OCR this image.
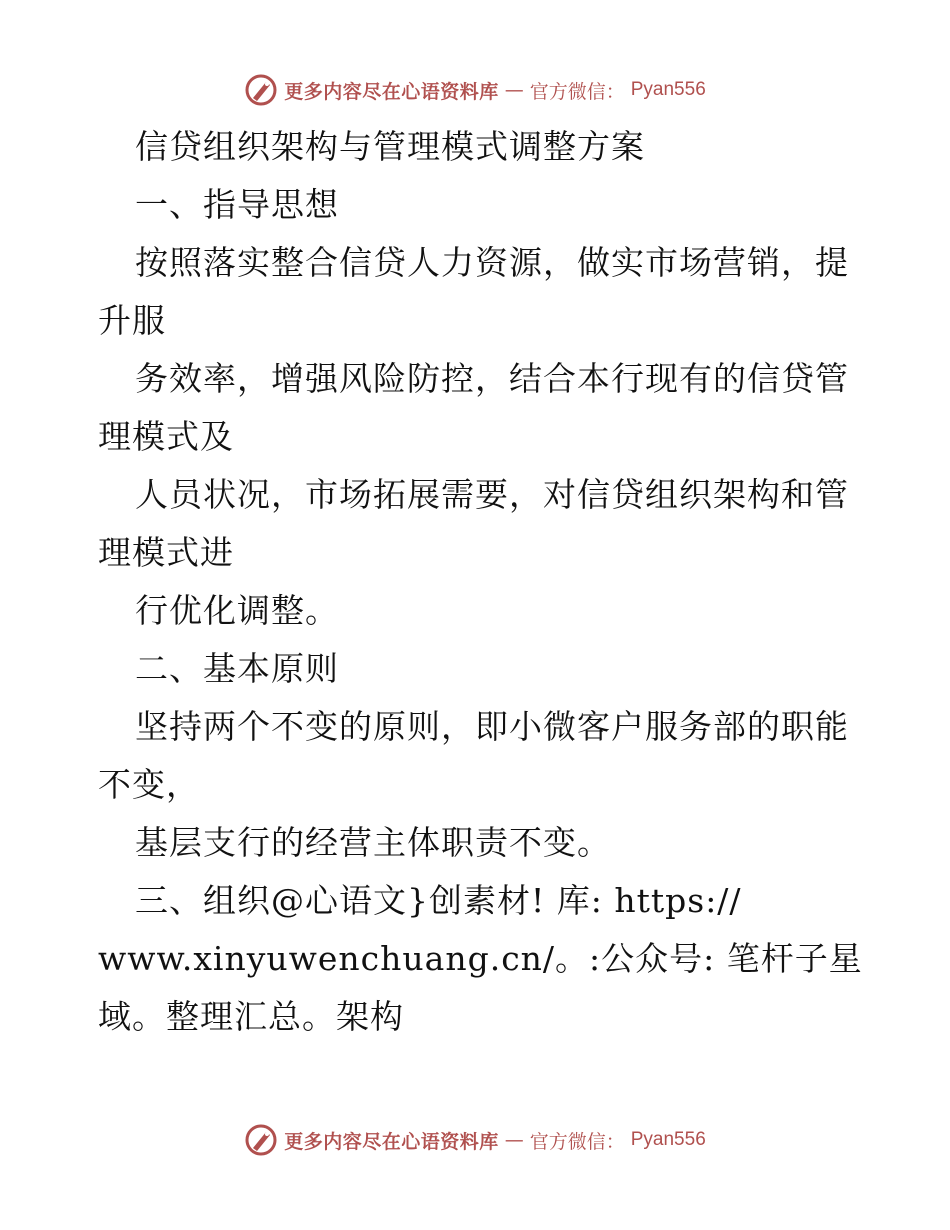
更多内容尽在心语资料库 — 官方微信： Pyan556
信贷组织架构与管理模式调整方案
一、指导思想
按照落实整合信贷人力资源，做实市场营销，提
升服
务效率，增强风险防控，结合本行现有的信贷管
理模式及
人员状况，市场拓展需要，对信贷组织架构和管
理模式进
行优化调整。
二、基本原则
坚持两个不变的原则，即小微客户服务部的职能
不变，
基层支行的经营主体职责不变。
三、组织@心语文}创素材! 库: https://
www.xinyuwenchuang.cn/。:公众号: 笔杆子星
域。整理汇总。架构
更多内容尽在心语资料库 — 官方微信： Pyan556
